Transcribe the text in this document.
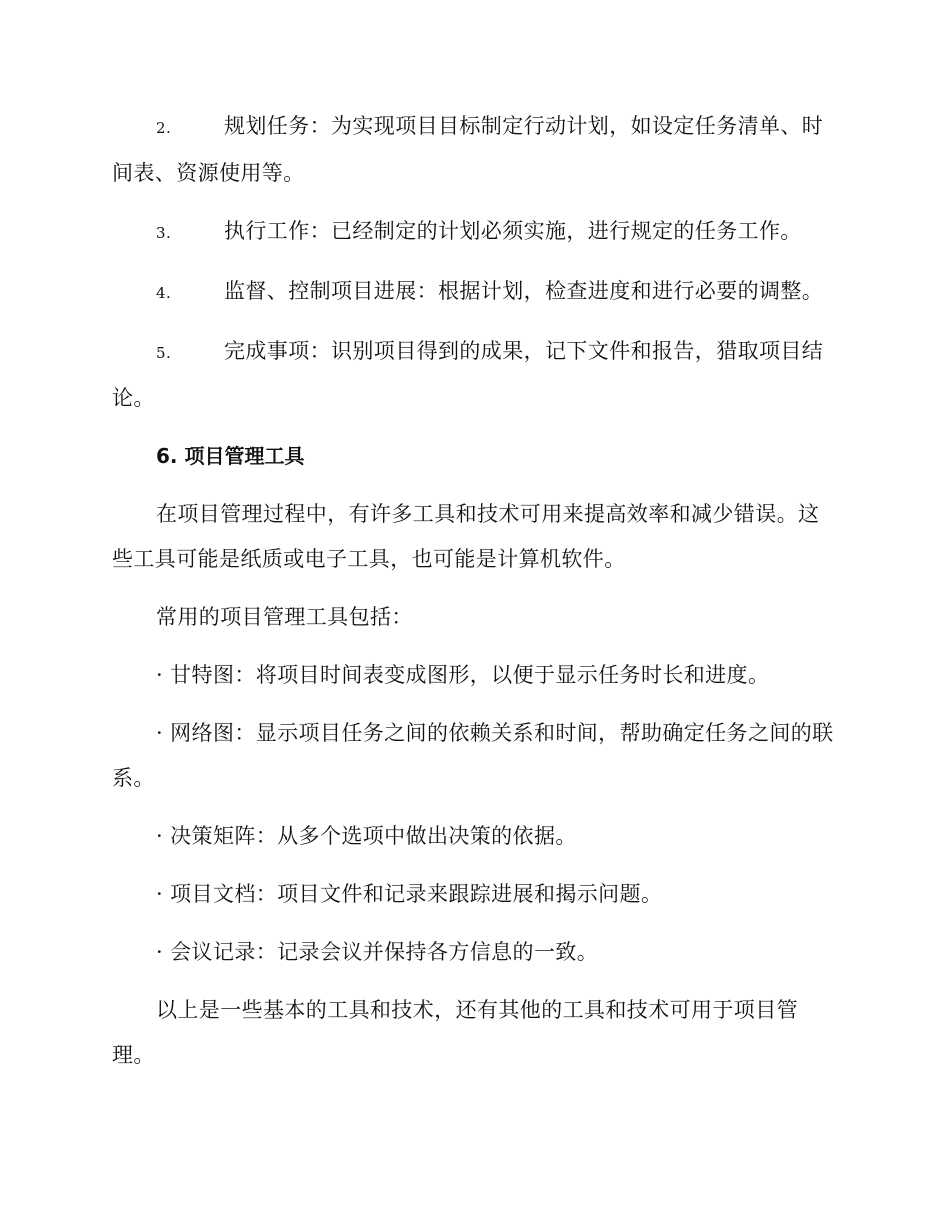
2.	规划任务：为实现项目目标制定行动计划，如设定任务清单、时间表、资源使用等。

3.	执行工作：已经制定的计划必须实施，进行规定的任务工作。

4.	监督、控制项目进展：根据计划，检查进度和进行必要的调整。

5.	完成事项：识别项目得到的成果，记下文件和报告，猎取项目结论。

6. 项目管理工具

在项目管理过程中，有许多工具和技术可用来提高效率和减少错误。这些工具可能是纸质或电子工具，也可能是计算机软件。

常用的项目管理工具包括：

· 甘特图：将项目时间表变成图形，以便于显示任务时长和进度。

· 网络图：显示项目任务之间的依赖关系和时间，帮助确定任务之间的联系。

· 决策矩阵：从多个选项中做出决策的依据。

· 项目文档：项目文件和记录来跟踪进展和揭示问题。

· 会议记录：记录会议并保持各方信息的一致。

以上是一些基本的工具和技术，还有其他的工具和技术可用于项目管理。
